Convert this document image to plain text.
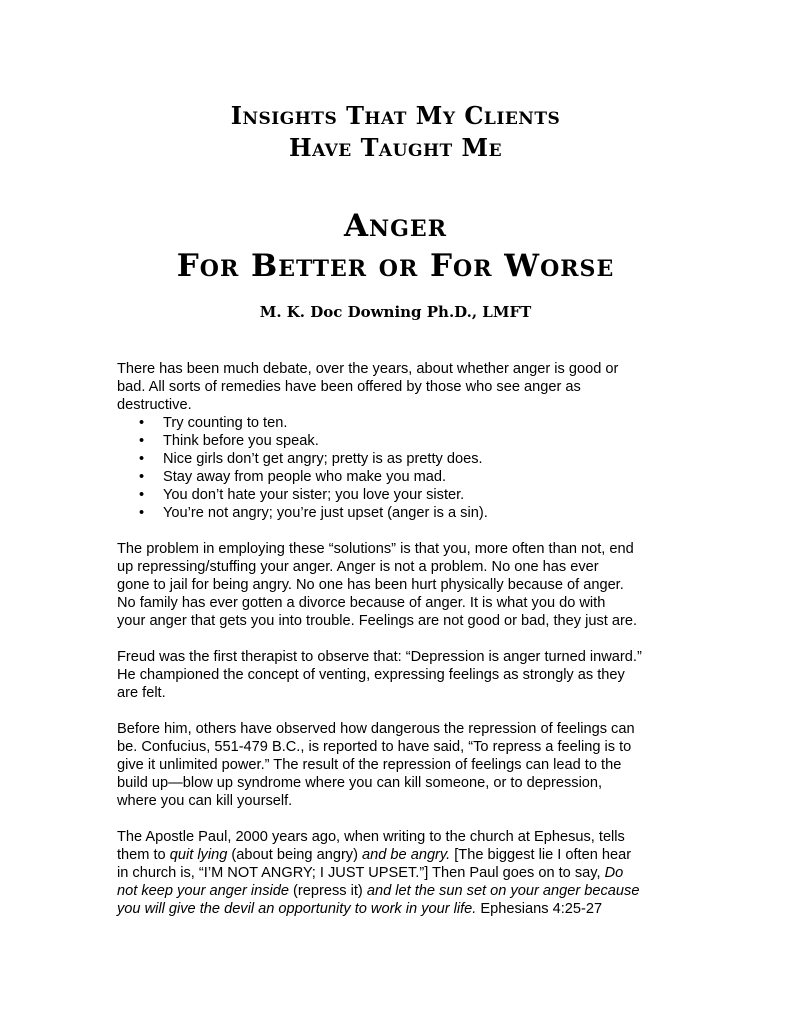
Insights That My Clients
Have Taught Me
Anger
For Better or For Worse
M. K. Doc Downing Ph.D., LMFT

There has been much debate, over the years, about whether anger is good or
bad. All sorts of remedies have been offered by those who see anger as
destructive.

• Try counting to ten.
• Think before you speak.
• Nice girls don’t get angry; pretty is as pretty does.
• Stay away from people who make you mad.
• You don’t hate your sister; you love your sister.
• You’re not angry; you’re just upset (anger is a sin).

The problem in employing these “solutions” is that you, more often than not, end
up repressing/stuffing your anger. Anger is not a problem. No one has ever
gone to jail for being angry. No one has been hurt physically because of anger.
No family has ever gotten a divorce because of anger. It is what you do with
your anger that gets you into trouble. Feelings are not good or bad, they just are.

Freud was the first therapist to observe that: “Depression is anger turned inward.”
He championed the concept of venting, expressing feelings as strongly as they
are felt.

Before him, others have observed how dangerous the repression of feelings can
be. Confucius, 551-479 B.C., is reported to have said, “To repress a feeling is to
give it unlimited power.” The result of the repression of feelings can lead to the
build up—blow up syndrome where you can kill someone, or to depression,
where you can kill yourself.

The Apostle Paul, 2000 years ago, when writing to the church at Ephesus, tells
them to quit lying (about being angry) and be angry. [The biggest lie I often hear
in church is, “I’M NOT ANGRY; I JUST UPSET.”] Then Paul goes on to say, Do
not keep your anger inside (repress it) and let the sun set on your anger because
you will give the devil an opportunity to work in your life. Ephesians 4:25-27
